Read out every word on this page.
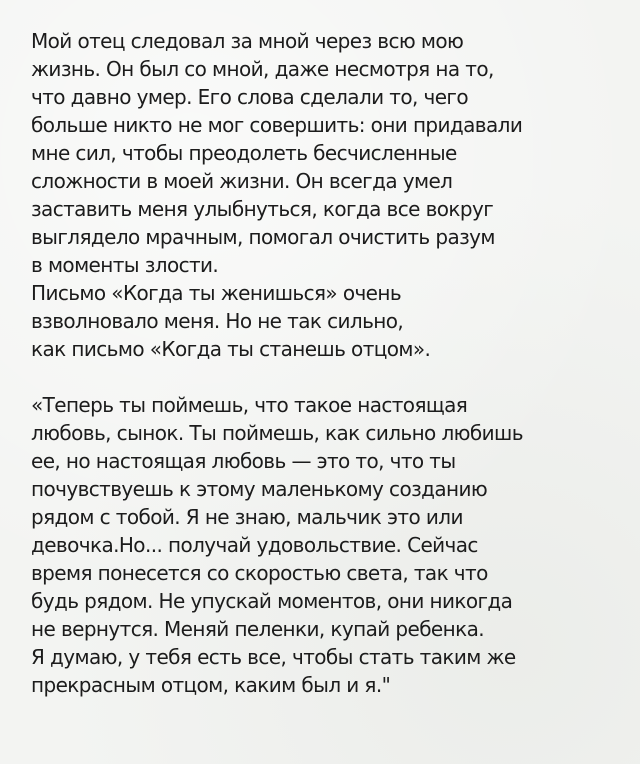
Мой отец следовал за мной через всю мою
жизнь. Он был со мной, даже несмотря на то,
что давно умер. Его слова сделали то, чего
больше никто не мог совершить: они придавали
мне сил, чтобы преодолеть бесчисленные
сложности в моей жизни. Он всегда умел
заставить меня улыбнуться, когда все вокруг
выглядело мрачным, помогал очистить разум
в моменты злости.
Письмо «Когда ты женишься» очень
взволновало меня. Но не так сильно,
как письмо «Когда ты станешь отцом».

«Теперь ты поймешь, что такое настоящая
любовь, сынок. Ты поймешь, как сильно любишь
ее, но настоящая любовь — это то, что ты
почувствуешь к этому маленькому созданию
рядом с тобой. Я не знаю, мальчик это или
девочка.Но... получай удовольствие. Сейчас
время понесется со скоростью света, так что
будь рядом. Не упускай моментов, они никогда
не вернутся. Меняй пеленки, купай ребенка.
Я думаю, у тебя есть все, чтобы стать таким же
прекрасным отцом, каким был и я."
